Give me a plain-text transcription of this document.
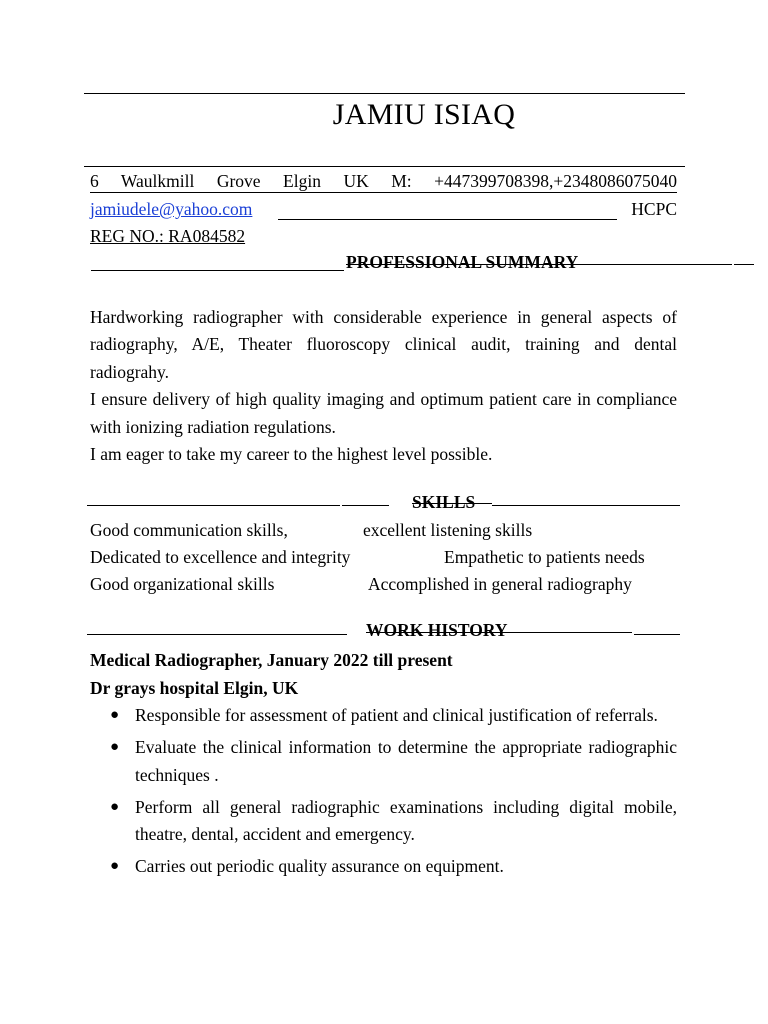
JAMIU ISIAQ
6 Waulkmill Grove Elgin UK M: +447399708398,+2348086075040
jamiudele@yahoo.com	HCPC
REG NO.: RA084582
PROFESSIONAL SUMMARY

Hardworking radiographer with considerable experience in general aspects of radiography, A/E, Theater fluoroscopy clinical audit, training and dental radiograhy.

I ensure delivery of high quality imaging and optimum patient care in compliance with ionizing radiation regulations.

I am eager to take my career to the highest level possible.

SKILLS
Good communication skills,	excellent listening skills
Dedicated to excellence and integrity	Empathetic to patients needs
Good organizational skills	Accomplished in general radiography
WORK HISTORY
Medical Radiographer, January 2022 till present
Dr grays hospital Elgin, UK
● Responsible for assessment of patient and clinical justification of referrals.
● Evaluate the clinical information to determine the appropriate radiographic techniques .
● Perform all general radiographic examinations including digital mobile, theatre, dental, accident and emergency.
● Carries out periodic quality assurance on equipment.
